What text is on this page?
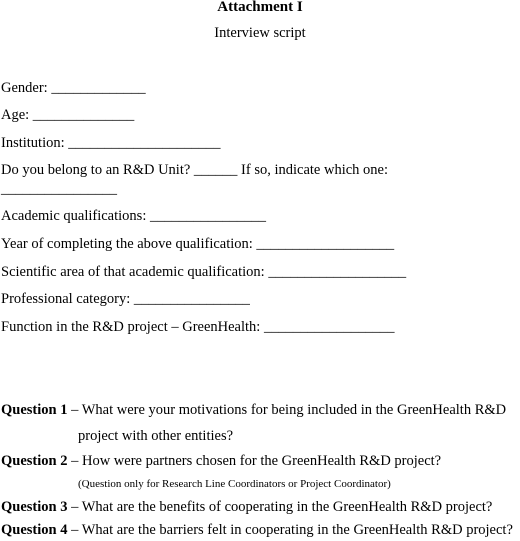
Attachment I
Interview script
Gender: _____________
Age: ______________
Institution: _____________________
Do you belong to an R&D Unit? ______ If so, indicate which one:
________________
Academic qualifications: ________________
Year of completing the above qualification: ___________________
Scientific area of that academic qualification: ___________________
Professional category: ________________
Function in the R&D project – GreenHealth: __________________
Question 1 – What were your motivations for being included in the GreenHealth R&D
project with other entities?
Question 2 – How were partners chosen for the GreenHealth R&D project?
(Question only for Research Line Coordinators or Project Coordinator)
Question 3 – What are the benefits of cooperating in the GreenHealth R&D project?
Question 4 – What are the barriers felt in cooperating in the GreenHealth R&D project?
